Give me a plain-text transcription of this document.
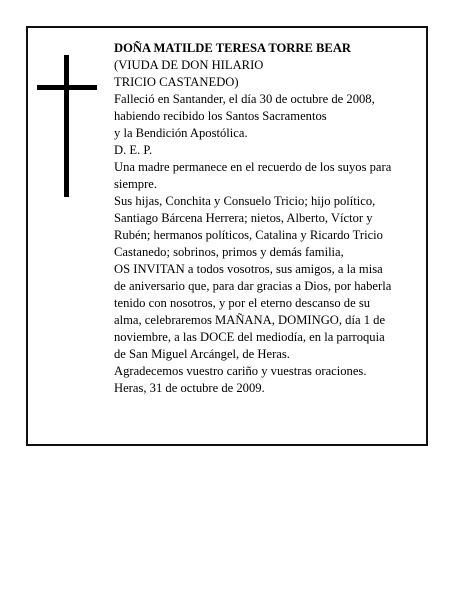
DOÑA MATILDE TERESA TORRE BEAR
(VIUDA DE DON HILARIO
TRICIO CASTANEDO)
Falleció en Santander, el día 30 de octubre de 2008,
habiendo recibido los Santos Sacramentos
y la Bendición Apostólica.
D. E. P.
Una madre permanece en el recuerdo de los suyos para
siempre.
Sus hijas, Conchita y Consuelo Tricio; hijo político,
Santiago Bárcena Herrera; nietos, Alberto, Víctor y
Rubén; hermanos políticos, Catalina y Ricardo Tricio
Castanedo; sobrinos, primos y demás familia,
OS INVITAN a todos vosotros, sus amigos, a la misa
de aniversario que, para dar gracias a Dios, por haberla
tenido con nosotros, y por el eterno descanso de su
alma, celebraremos MAÑANA, DOMINGO, día 1 de
noviembre, a las DOCE del mediodía, en la parroquia
de San Miguel Arcángel, de Heras.
Agradecemos vuestro cariño y vuestras oraciones.
Heras, 31 de octubre de 2009.
